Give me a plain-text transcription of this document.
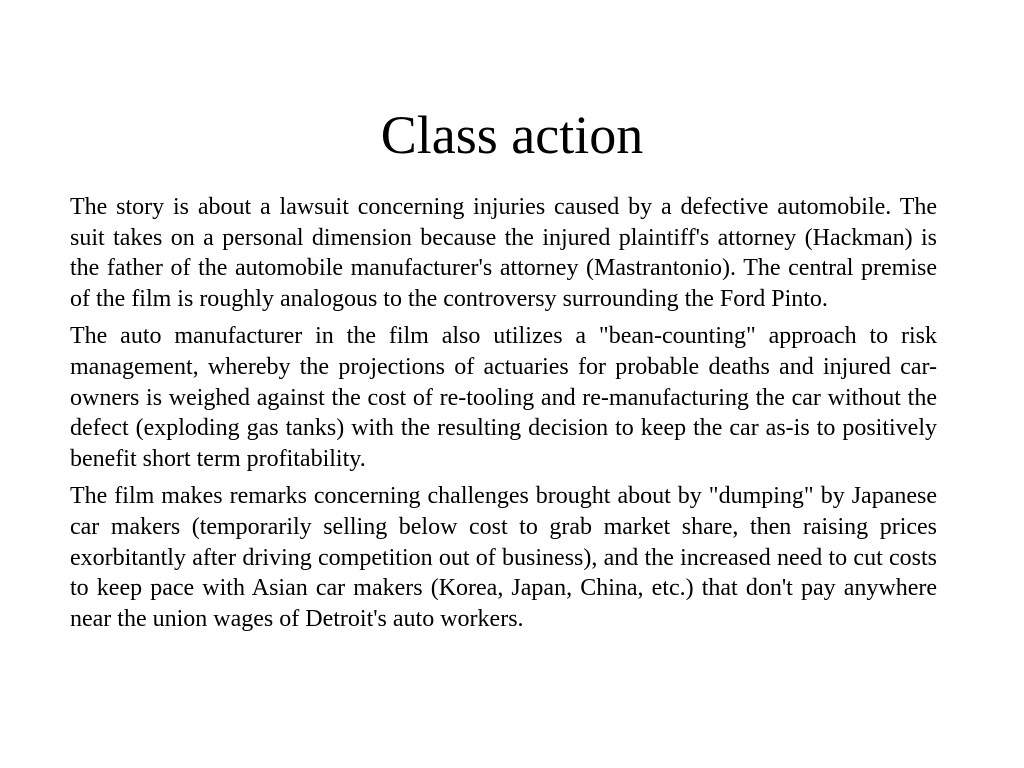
Class action

The story is about a lawsuit concerning injuries caused by a defective automobile. The suit takes on a personal dimension because the injured plaintiff's attorney (Hackman) is the father of the automobile manufacturer's attorney (Mastrantonio). The central premise of the film is roughly analogous to the controversy surrounding the Ford Pinto.

The auto manufacturer in the film also utilizes a "bean-counting" approach to risk management, whereby the projections of actuaries for probable deaths and injured car-owners is weighed against the cost of re-tooling and re-manufacturing the car without the defect (exploding gas tanks) with the resulting decision to keep the car as-is to positively benefit short term profitability.

The film makes remarks concerning challenges brought about by "dumping" by Japanese car makers (temporarily selling below cost to grab market share, then raising prices exorbitantly after driving competition out of business), and the increased need to cut costs to keep pace with Asian car makers (Korea, Japan, China, etc.) that don't pay anywhere near the union wages of Detroit's auto workers.
